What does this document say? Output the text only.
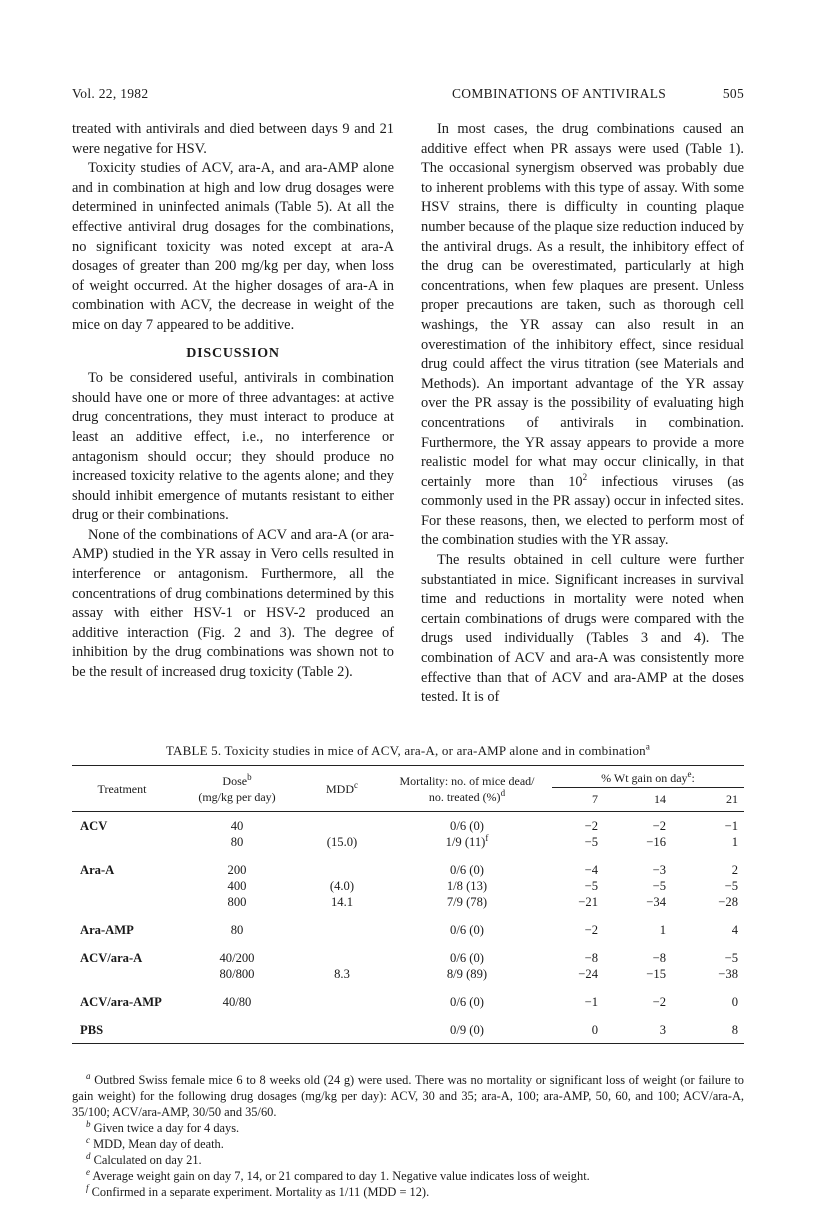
Vol. 22, 1982	COMBINATIONS OF ANTIVIRALS	505

treated with antivirals and died between days 9 and 21 were negative for HSV.

Toxicity studies of ACV, ara-A, and ara-AMP alone and in combination at high and low drug dosages were determined in uninfected animals (Table 5). At all the effective antiviral drug dosages for the combinations, no significant toxicity was noted except at ara-A dosages of greater than 200 mg/kg per day, when loss of weight occurred. At the higher dosages of ara-A in combination with ACV, the decrease in weight of the mice on day 7 appeared to be additive.

DISCUSSION

To be considered useful, antivirals in combination should have one or more of three advantages: at active drug concentrations, they must interact to produce at least an additive effect, i.e., no interference or antagonism should occur; they should produce no increased toxicity relative to the agents alone; and they should inhibit emergence of mutants resistant to either drug or their combinations.

None of the combinations of ACV and ara-A (or ara-AMP) studied in the YR assay in Vero cells resulted in interference or antagonism. Furthermore, all the concentrations of drug combinations determined by this assay with either HSV-1 or HSV-2 produced an additive interaction (Fig. 2 and 3). The degree of inhibition by the drug combinations was shown not to be the result of increased drug toxicity (Table 2).

In most cases, the drug combinations caused an additive effect when PR assays were used (Table 1). The occasional synergism observed was probably due to inherent problems with this type of assay. With some HSV strains, there is difficulty in counting plaque number because of the plaque size reduction induced by the antiviral drugs. As a result, the inhibitory effect of the drug can be overestimated, particularly at high concentrations, when few plaques are present. Unless proper precautions are taken, such as thorough cell washings, the YR assay can also result in an overestimation of the inhibitory effect, since residual drug could affect the virus titration (see Materials and Methods). An important advantage of the YR assay over the PR assay is the possibility of evaluating high concentrations of antivirals in combination. Furthermore, the YR assay appears to provide a more realistic model for what may occur clinically, in that certainly more than $10^2$ infectious viruses (as commonly used in the PR assay) occur in infected sites. For these reasons, then, we elected to perform most of the combination studies with the YR assay.

The results obtained in cell culture were further substantiated in mice. Significant increases in survival time and reductions in mortality were noted when certain combinations of drugs were compared with the drugs used individually (Tables 3 and 4). The combination of ACV and ara-A was consistently more effective than that of ACV and ara-AMP at the doses tested. It is of

TABLE 5. Toxicity studies in mice of ACV, ara-A, or ara-AMP alone and in combination$^a$
Treatment	Dose$^b$
(mg/kg per day)	MDD$^c$	Mortality: no. of mice dead/
no. treated (%)$^d$	% Wt gain on day$^e$:		
				7	14	21
ACV	40		0/6 (0)	−2	−2	−1
	80	(15.0)	1/9 $(11)^f$	−5	−16	1
Ara-A	200		0/6 (0)	−4	−3	2
	400	(4.0)	1/8 (13)	−5	−5	−5
	800	14.1	7/9 (78)	−21	−34	−28
Ara-AMP	80		0/6 (0)	−2	1	4
ACV/ara-A	40/200		0/6 (0)	−8	−8	−5
	80/800	8.3	8/9 (89)	−24	−15	−38
ACV/ara-AMP	40/80		0/6 (0)	−1	−2	0
PBS			0/9 (0)	0	3	8

$^a$ Outbred Swiss female mice 6 to 8 weeks old (24 g) were used. There was no mortality or significant loss of weight (or failure to gain weight) for the following drug dosages (mg/kg per day): ACV, 30 and 35; ara-A, 100; ara-AMP, 50, 60, and 100; ACV/ara-A, 35/100; ACV/ara-AMP, 30/50 and 35/60.

$^b$ Given twice a day for 4 days.

$^c$ MDD, Mean day of death.

$^d$ Calculated on day 21.

$^e$ Average weight gain on day 7, 14, or 21 compared to day 1. Negative value indicates loss of weight.

$^f$ Confirmed in a separate experiment. Mortality as 1/11 (MDD = 12).
